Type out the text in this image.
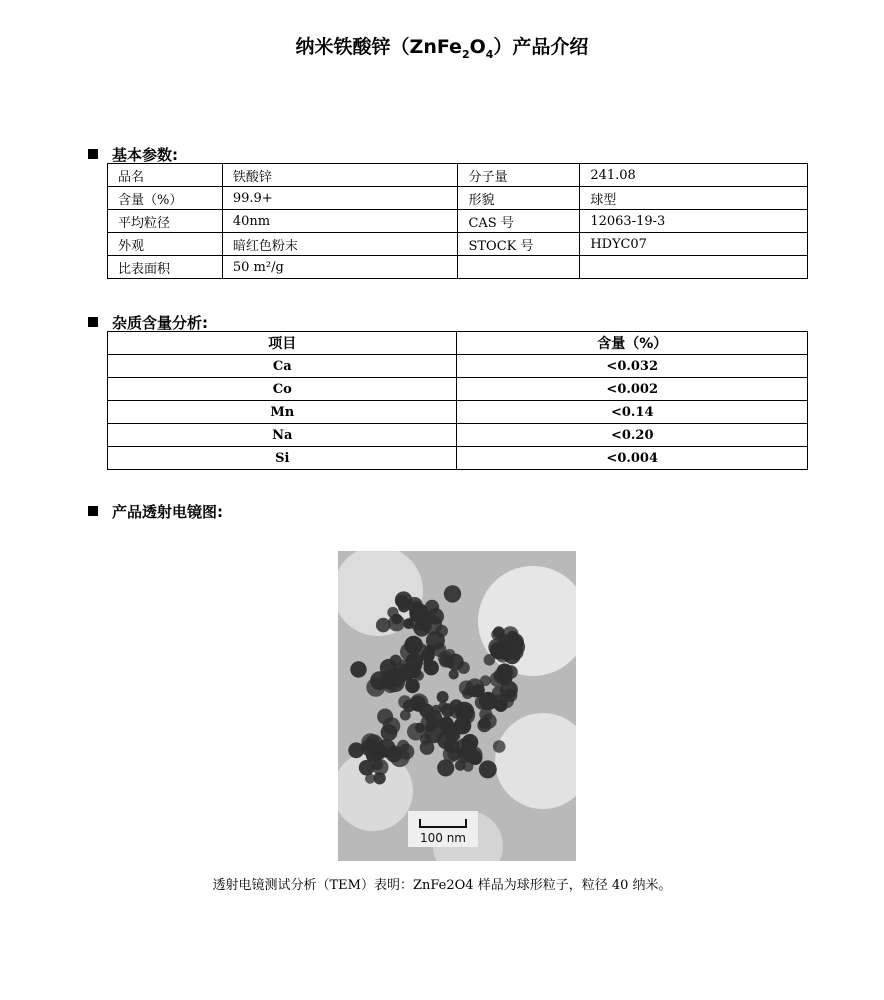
纳米铁酸锌$(ZnFe_2O_4)$产品介绍
基本参数:
品名	铁酸锌	分子量	241.08
含量（%）	99.9+	形貌	球型
平均粒径	40nm	CAS 号	12063-19-3
外观	暗红色粉末	STOCK 号	HDYC07
比表面积	50 m²/g		
杂质含量分析:
项目	含量（%）
Ca	<0.032
Co	<0.002
Mn	<0.14
Na	<0.20
Si	<0.004
产品透射电镜图:
100 nm
透射电镜测试分析（TEM）表明：ZnFe2O4 样品为球形粒子，粒径 40 纳米。
